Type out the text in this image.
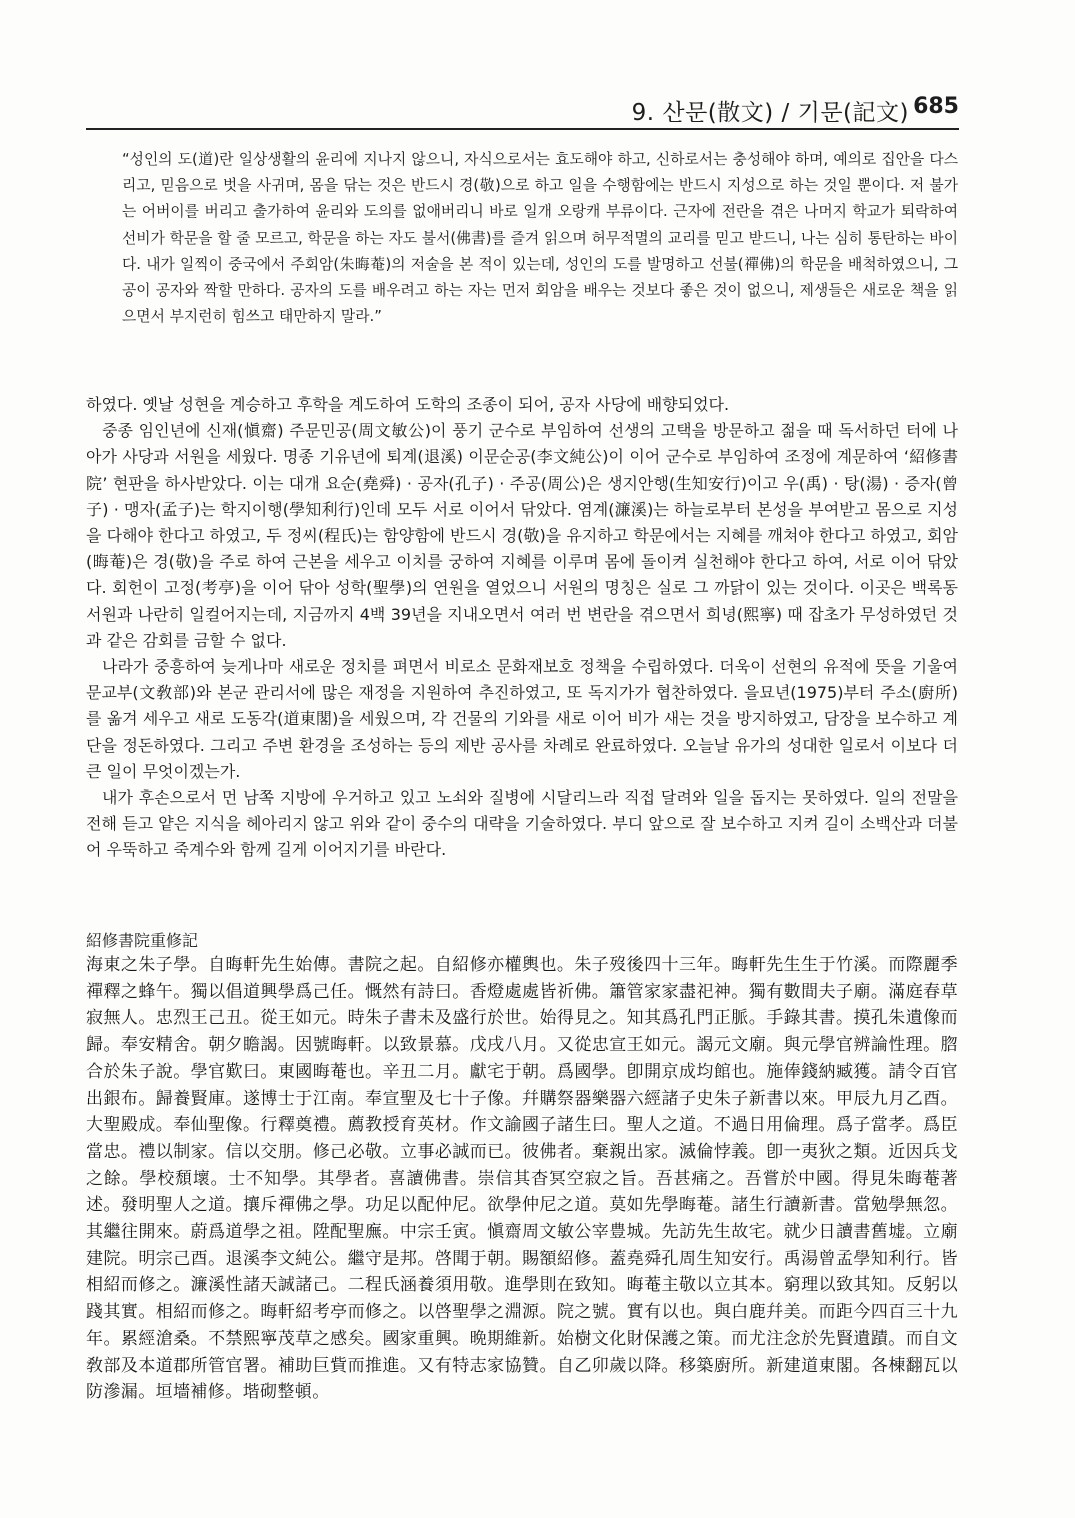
9. 산문(散文) / 기문(記文) 685

“성인의 도(道)란 일상생활의 윤리에 지나지 않으니, 자식으로서는 효도해야 하고, 신하로서는 충성해야 하며, 예의로 집안을 다스리고, 믿음으로 벗을 사귀며, 몸을 닦는 것은 반드시 경(敬)으로 하고 일을 수행함에는 반드시 지성으로 하는 것일 뿐이다. 저 불가는 어버이를 버리고 출가하여 윤리와 도의를 없애버리니 바로 일개 오랑캐 부류이다. 근자에 전란을 겪은 나머지 학교가 퇴락하여 선비가 학문을 할 줄 모르고, 학문을 하는 자도 불서(佛書)를 즐겨 읽으며 허무적멸의 교리를 믿고 받드니, 나는 심히 통탄하는 바이다. 내가 일찍이 중국에서 주회암(朱晦菴)의 저술을 본 적이 있는데, 성인의 도를 발명하고 선불(禪佛)의 학문을 배척하였으니, 그 공이 공자와 짝할 만하다. 공자의 도를 배우려고 하는 자는 먼저 회암을 배우는 것보다 좋은 것이 없으니, 제생들은 새로운 책을 읽으면서 부지런히 힘쓰고 태만하지 말라.”

하였다. 옛날 성현을 계승하고 후학을 계도하여 도학의 조종이 되어, 공자 사당에 배향되었다.

중종 임인년에 신재(愼齋) 주문민공(周文敏公)이 풍기 군수로 부임하여 선생의 고택을 방문하고 젊을 때 독서하던 터에 나아가 사당과 서원을 세웠다. 명종 기유년에 퇴계(退溪) 이문순공(李文純公)이 이어 군수로 부임하여 조정에 계문하여 ‘紹修書院’ 현판을 하사받았다. 이는 대개 요순(堯舜) · 공자(孔子) · 주공(周公)은 생지안행(生知安行)이고 우(禹) · 탕(湯) · 증자(曾子) · 맹자(孟子)는 학지이행(學知利行)인데 모두 서로 이어서 닦았다. 염계(濂溪)는 하늘로부터 본성을 부여받고 몸으로 지성을 다해야 한다고 하였고, 두 정씨(程氏)는 함양함에 반드시 경(敬)을 유지하고 학문에서는 지혜를 깨쳐야 한다고 하였고, 회암(晦菴)은 경(敬)을 주로 하여 근본을 세우고 이치를 궁하여 지혜를 이루며 몸에 돌이켜 실천해야 한다고 하여, 서로 이어 닦았다. 회헌이 고정(考亭)을 이어 닦아 성학(聖學)의 연원을 열었으니 서원의 명칭은 실로 그 까닭이 있는 것이다. 이곳은 백록동서원과 나란히 일컬어지는데, 지금까지 4백 39년을 지내오면서 여러 번 변란을 겪으면서 희녕(熙寧) 때 잡초가 무성하였던 것과 같은 감회를 금할 수 없다.

나라가 중흥하여 늦게나마 새로운 정치를 펴면서 비로소 문화재보호 정책을 수립하였다. 더욱이 선현의 유적에 뜻을 기울여 문교부(文敎部)와 본군 관리서에 많은 재정을 지원하여 추진하였고, 또 독지가가 협찬하였다. 을묘년(1975)부터 주소(廚所)를 옮겨 세우고 새로 도동각(道東閣)을 세웠으며, 각 건물의 기와를 새로 이어 비가 새는 것을 방지하였고, 담장을 보수하고 계단을 정돈하였다. 그리고 주변 환경을 조성하는 등의 제반 공사를 차례로 완료하였다. 오늘날 유가의 성대한 일로서 이보다 더 큰 일이 무엇이겠는가.

내가 후손으로서 먼 남쪽 지방에 우거하고 있고 노쇠와 질병에 시달리느라 직접 달려와 일을 돕지는 못하였다. 일의 전말을 전해 듣고 얕은 지식을 헤아리지 않고 위와 같이 중수의 대략을 기술하였다. 부디 앞으로 잘 보수하고 지켜 길이 소백산과 더불어 우뚝하고 죽계수와 함께 길게 이어지기를 바란다.

紹修書院重修記

海東之朱子學。自晦軒先生始傳。書院之起。自紹修亦權輿也。朱子歿後四十三年。晦軒先生生于竹溪。而際麗季禪釋之蜂午。獨以倡道興學爲己任。慨然有詩曰。香燈處處皆祈佛。簫管家家盡祀神。獨有數間夫子廟。滿庭春草寂無人。忠烈王己丑。從王如元。時朱子書未及盛行於世。始得見之。知其爲孔門正脈。手錄其書。摸孔朱遺像而歸。奉安精舍。朝夕瞻謁。因號晦軒。以致景慕。戊戌八月。又從忠宣王如元。謁元文廟。與元學官辨論性理。脗合於朱子說。學官歎曰。東國晦菴也。辛丑二月。獻宅于朝。爲國學。卽開京成均館也。施俸錢納臧獲。請令百官出銀布。歸養賢庫。遂博士于江南。奉宣聖及七十子像。幷購祭器樂器六經諸子史朱子新書以來。甲辰九月乙酉。大聖殿成。奉仙聖像。行釋奠禮。薦教授育英材。作文諭國子諸生曰。聖人之道。不過日用倫理。爲子當孝。爲臣當忠。禮以制家。信以交朋。修己必敬。立事必誠而已。彼佛者。棄親出家。滅倫悖義。卽一夷狄之類。近因兵戈之餘。學校頹壞。士不知學。其學者。喜讀佛書。崇信其杳冥空寂之旨。吾甚痛之。吾嘗於中國。得見朱晦菴著述。發明聖人之道。攘斥禪佛之學。功足以配仲尼。欲學仲尼之道。莫如先學晦菴。諸生行讀新書。當勉學無忽。其繼往開來。蔚爲道學之祖。陞配聖廡。中宗壬寅。愼齋周文敏公宰豊城。先訪先生故宅。就少日讀書舊墟。立廟建院。明宗己酉。退溪李文純公。繼守是邦。啓聞于朝。賜額紹修。蓋堯舜孔周生知安行。禹湯曾孟學知利行。皆相紹而修之。濂溪性諸天誠諸己。二程氏涵養須用敬。進學則在致知。晦菴主敬以立其本。窮理以致其知。反躬以踐其實。相紹而修之。晦軒紹考亭而修之。以啓聖學之淵源。院之號。實有以也。與白鹿幷美。而距今四百三十九年。累經滄桑。不禁熙寧茂草之感矣。國家重興。晩期維新。始樹文化財保護之策。而尤注念於先賢遺蹟。而自文敎部及本道郡所管官署。補助巨貲而推進。又有特志家協贊。自乙卯歲以降。移築廚所。新建道東閣。各棟翻瓦以防滲漏。垣墻補修。堦砌整頓。
